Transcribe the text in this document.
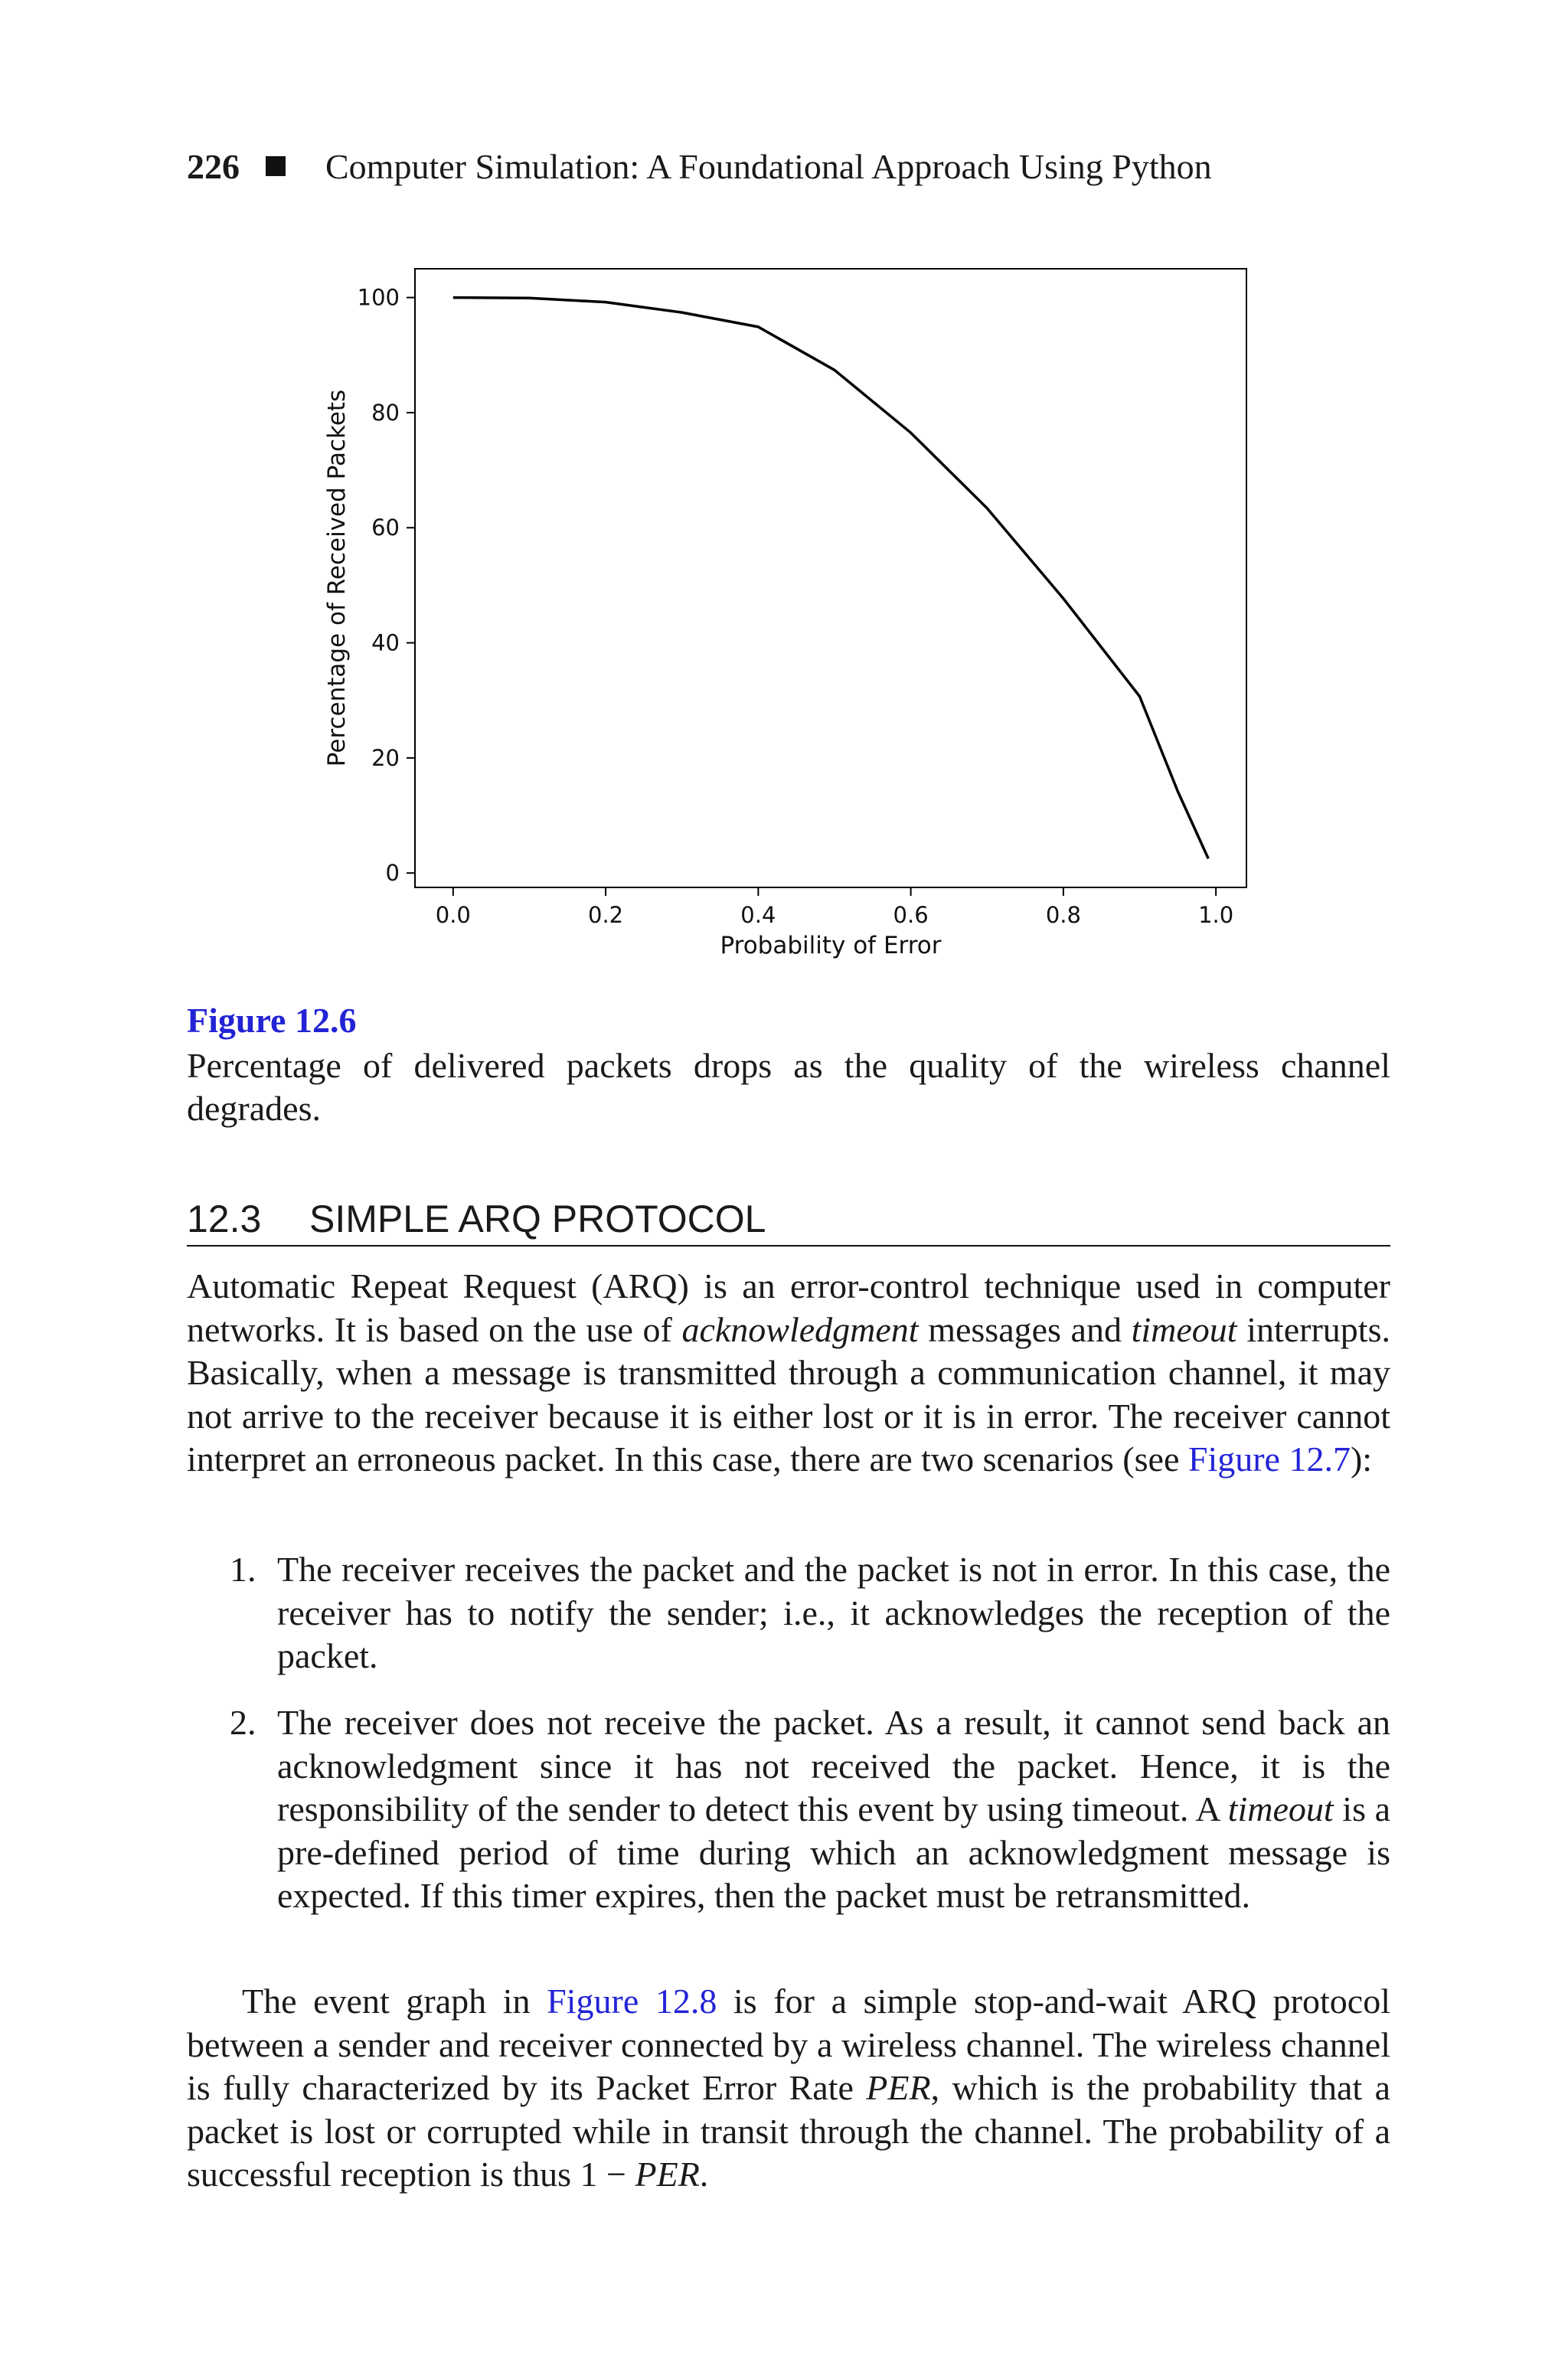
226 Computer Simulation: A Foundational Approach Using Python
0.0	0.2	0.4	0.6	0.8	1.0
0
20
40
60
80
100
Probability of Error
Percentage of Received Packets
Figure 12.6
Percentage of delivered packets drops as the quality of the wireless channel degrades.
12.3 SIMPLE ARQ PROTOCOL

Automatic Repeat Request (ARQ) is an error-control technique used in computer networks. It is based on the use of acknowledgment messages and timeout interrupts. Basically, when a message is transmitted through a communication channel, it may not arrive to the receiver because it is either lost or it is in error. The receiver cannot interpret an erroneous packet. In this case, there are two scenarios (see Figure 12.7):

1. The receiver receives the packet and the packet is not in error. In this case, the receiver has to notify the sender; i.e., it acknowledges the reception of the packet.
2. The receiver does not receive the packet. As a result, it cannot send back an acknowledgment since it has not received the packet. Hence, it is the responsibility of the sender to detect this event by using timeout. A timeout is a pre-defined period of time during which an acknowledgment message is expected. If this timer expires, then the packet must be retransmitted.

The event graph in Figure 12.8 is for a simple stop-and-wait ARQ protocol between a sender and receiver connected by a wireless channel. The wireless channel is fully characterized by its Packet Error Rate PER, which is the probability that a packet is lost or corrupted while in transit through the channel. The probability of a successful reception is thus 1 − PER.
